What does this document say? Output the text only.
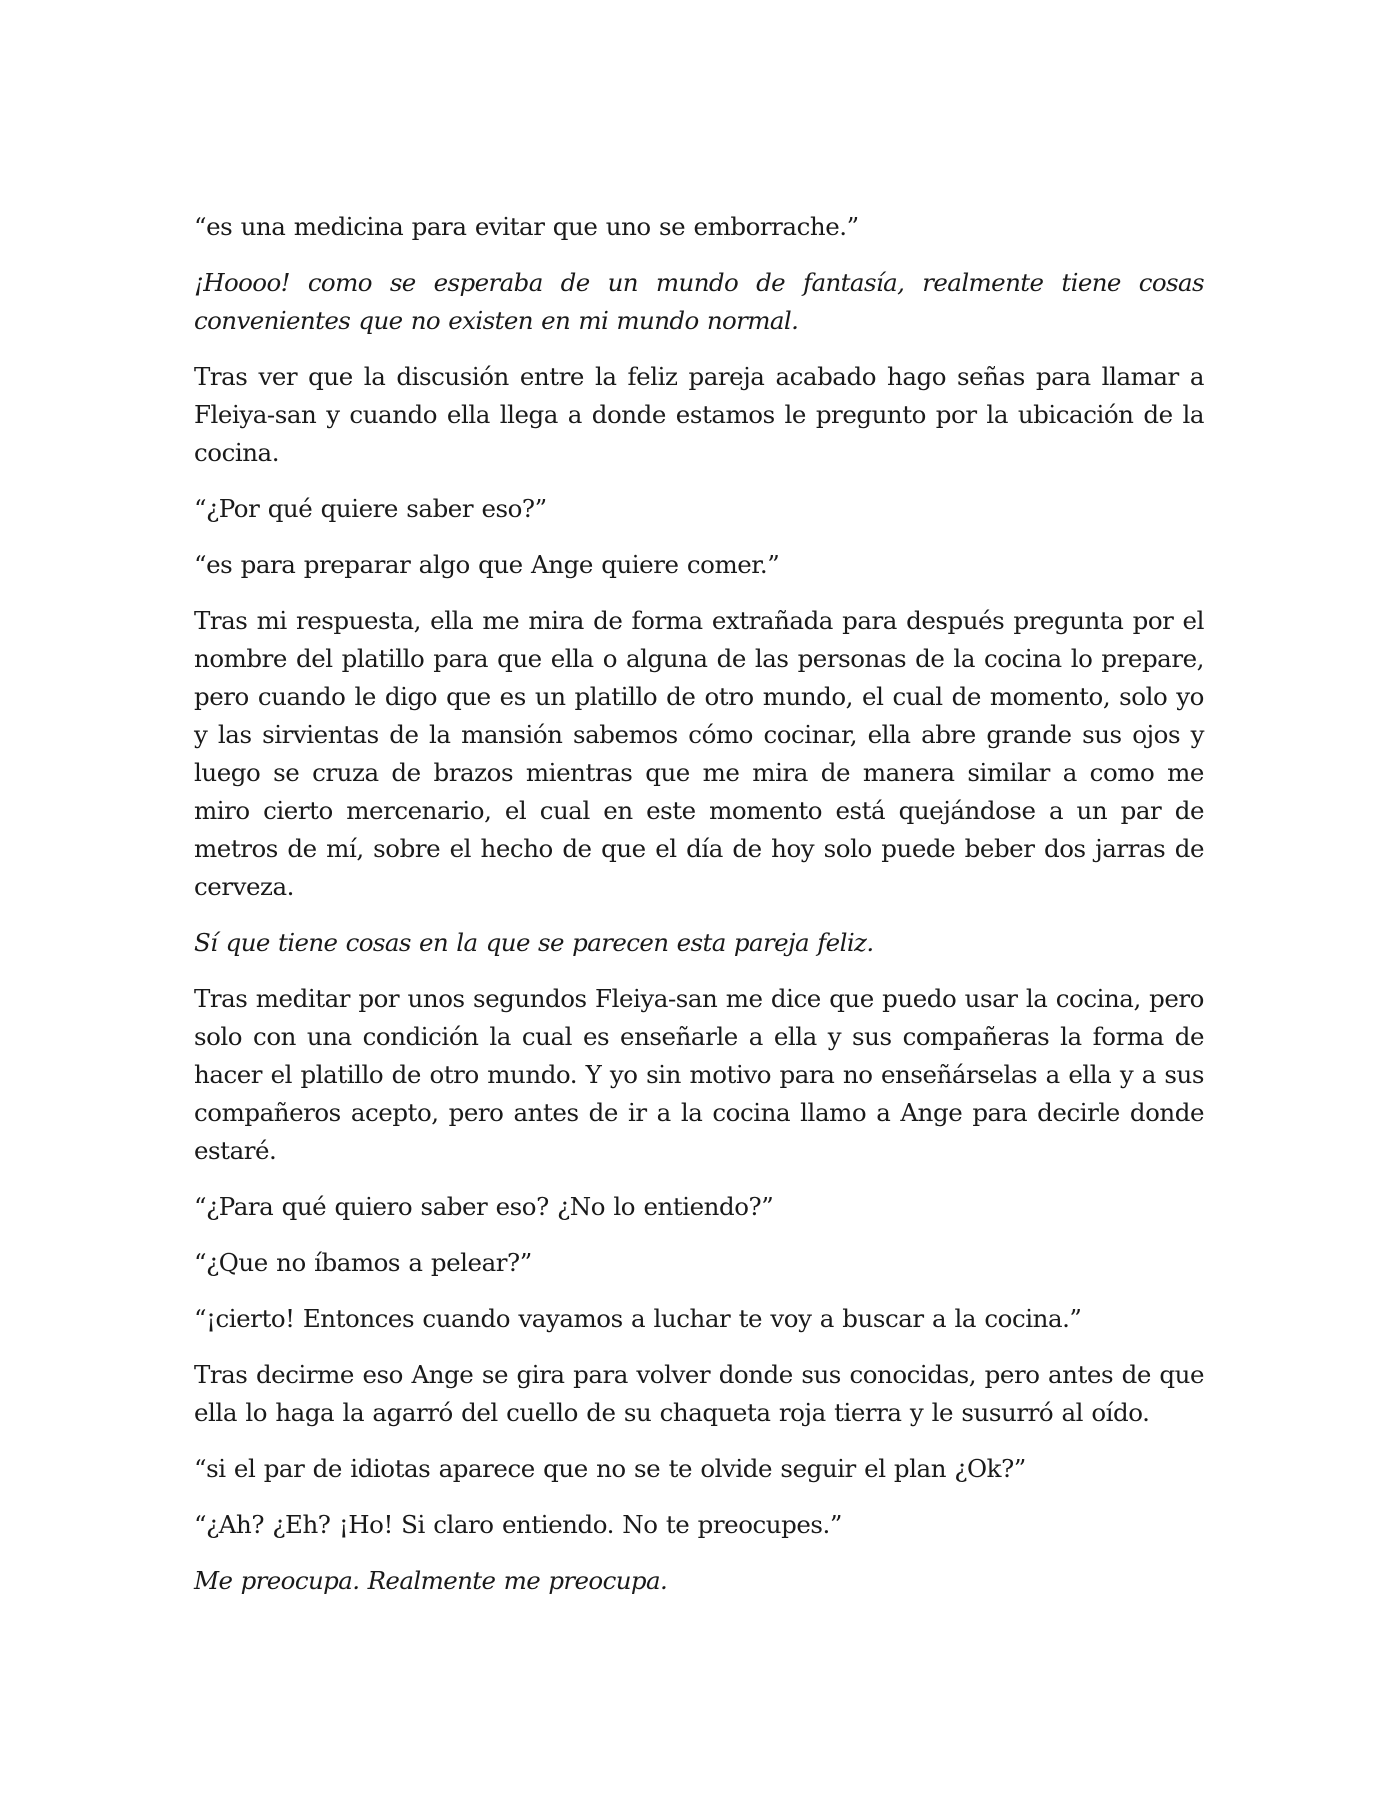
“es una medicina para evitar que uno se emborrache.”

¡Hoooo! como se esperaba de un mundo de fantasía, realmente tiene cosas convenientes que no existen en mi mundo normal.

Tras ver que la discusión entre la feliz pareja acabado hago señas para llamar a Fleiya-san y cuando ella llega a donde estamos le pregunto por la ubicación de la cocina.

“¿Por qué quiere saber eso?”

“es para preparar algo que Ange quiere comer.”

Tras mi respuesta, ella me mira de forma extrañada para después pregunta por el nombre del platillo para que ella o alguna de las personas de la cocina lo prepare, pero cuando le digo que es un platillo de otro mundo, el cual de momento, solo yo y las sirvientas de la mansión sabemos cómo cocinar, ella abre grande sus ojos y luego se cruza de brazos mientras que me mira de manera similar a como me miro cierto mercenario, el cual en este momento está quejándose a un par de metros de mí, sobre el hecho de que el día de hoy solo puede beber dos jarras de cerveza.

Sí que tiene cosas en la que se parecen esta pareja feliz.

Tras meditar por unos segundos Fleiya-san me dice que puedo usar la cocina, pero solo con una condición la cual es enseñarle a ella y sus compañeras la forma de hacer el platillo de otro mundo. Y yo sin motivo para no enseñárselas a ella y a sus compañeros acepto, pero antes de ir a la cocina llamo a Ange para decirle donde estaré.

“¿Para qué quiero saber eso? ¿No lo entiendo?”

“¿Que no íbamos a pelear?”

“¡cierto! Entonces cuando vayamos a luchar te voy a buscar a la cocina.”

Tras decirme eso Ange se gira para volver donde sus conocidas, pero antes de que ella lo haga la agarró del cuello de su chaqueta roja tierra y le susurró al oído.

“si el par de idiotas aparece que no se te olvide seguir el plan ¿Ok?”

“¿Ah? ¿Eh? ¡Ho! Si claro entiendo. No te preocupes.”

Me preocupa. Realmente me preocupa.
